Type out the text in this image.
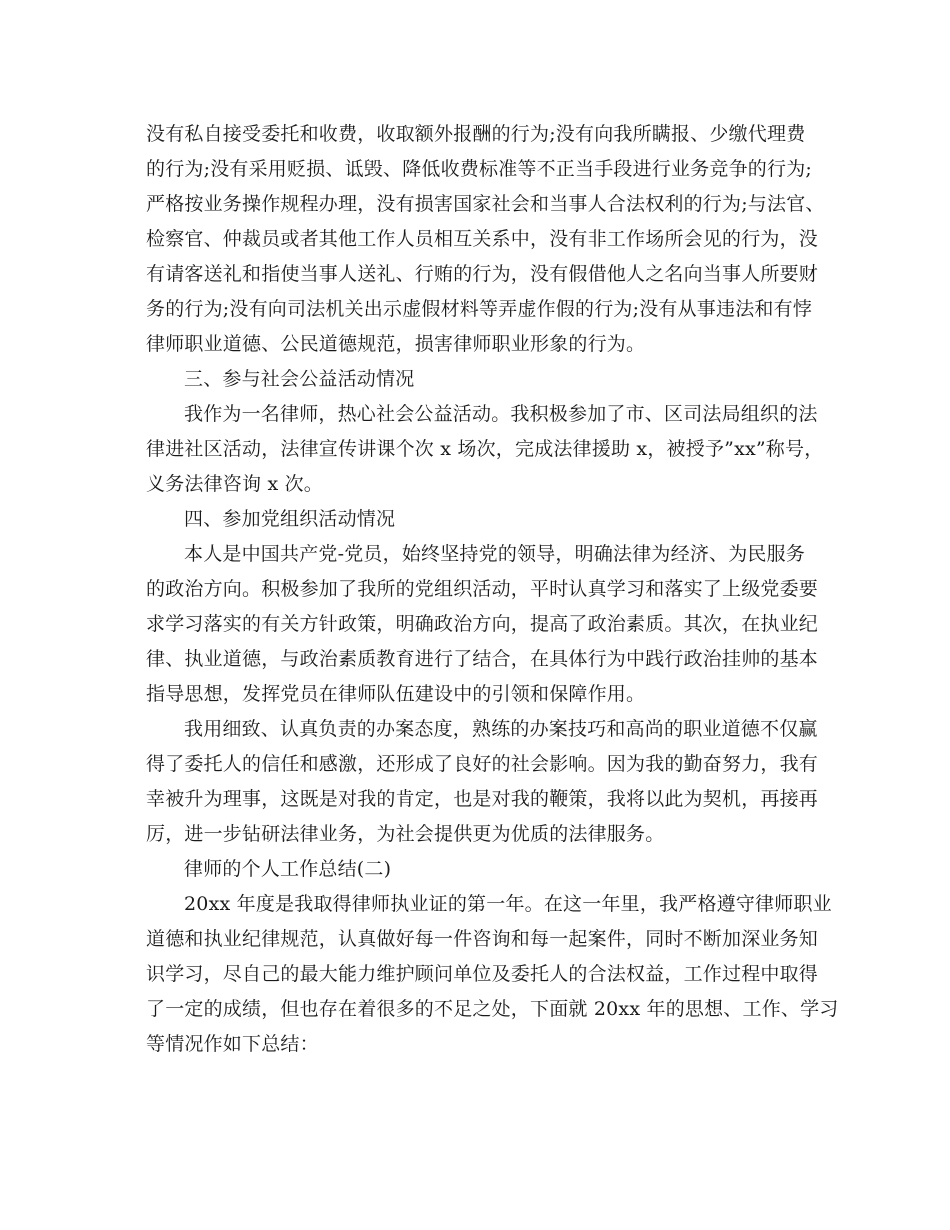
没有私自接受委托和收费，收取额外报酬的行为;没有向我所瞒报、少缴代理费
的行为;没有采用贬损、诋毁、降低收费标准等不正当手段进行业务竞争的行为;
严格按业务操作规程办理，没有损害国家社会和当事人合法权利的行为;与法官、
检察官、仲裁员或者其他工作人员相互关系中，没有非工作场所会见的行为，没
有请客送礼和指使当事人送礼、行贿的行为，没有假借他人之名向当事人所要财
务的行为;没有向司法机关出示虚假材料等弄虚作假的行为;没有从事违法和有悖
律师职业道德、公民道德规范，损害律师职业形象的行为。
三、参与社会公益活动情况
我作为一名律师，热心社会公益活动。我积极参加了市、区司法局组织的法
律进社区活动，法律宣传讲课个次 x 场次，完成法律援助 x，被授予”xx”称号，
义务法律咨询 x 次。
四、参加党组织活动情况
本人是中国共产党-党员，始终坚持党的领导，明确法律为经济、为民服务
的政治方向。积极参加了我所的党组织活动，平时认真学习和落实了上级党委要
求学习落实的有关方针政策，明确政治方向，提高了政治素质。其次，在执业纪
律、执业道德，与政治素质教育进行了结合，在具体行为中践行政治挂帅的基本
指导思想，发挥党员在律师队伍建设中的引领和保障作用。
我用细致、认真负责的办案态度，熟练的办案技巧和高尚的职业道德不仅赢
得了委托人的信任和感激，还形成了良好的社会影响。因为我的勤奋努力，我有
幸被升为理事，这既是对我的肯定，也是对我的鞭策，我将以此为契机，再接再
厉，进一步钻研法律业务，为社会提供更为优质的法律服务。
律师的个人工作总结(二)
20xx 年度是我取得律师执业证的第一年。在这一年里，我严格遵守律师职业
道德和执业纪律规范，认真做好每一件咨询和每一起案件，同时不断加深业务知
识学习，尽自己的最大能力维护顾问单位及委托人的合法权益，工作过程中取得
了一定的成绩，但也存在着很多的不足之处，下面就 20xx 年的思想、工作、学习
等情况作如下总结：
